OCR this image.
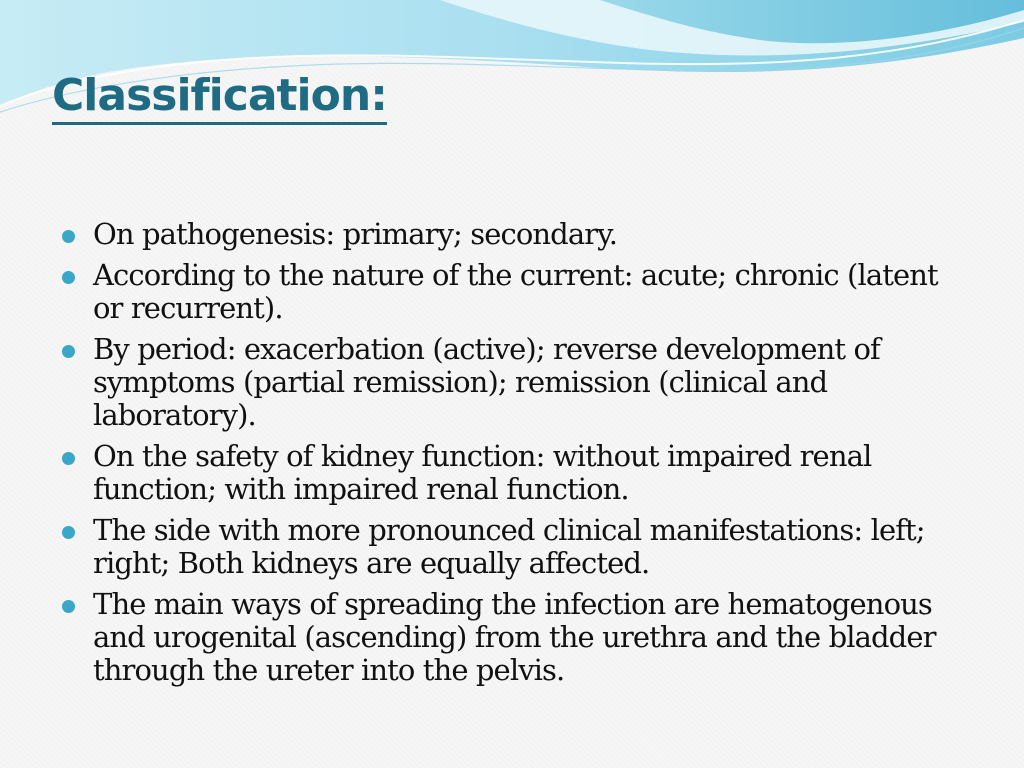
Classification:
On pathogenesis: primary; secondary.
According to the nature of the current: acute; chronic (latent or recurrent).
By period: exacerbation (active); reverse development of symptoms (partial remission); remission (clinical and laboratory).
On the safety of kidney function: without impaired renal function; with impaired renal function.
The side with more pronounced clinical manifestations: left; right; Both kidneys are equally affected.
The main ways of spreading the infection are hematogenous and urogenital (ascending) from the urethra and the bladder through the ureter into the pelvis.
